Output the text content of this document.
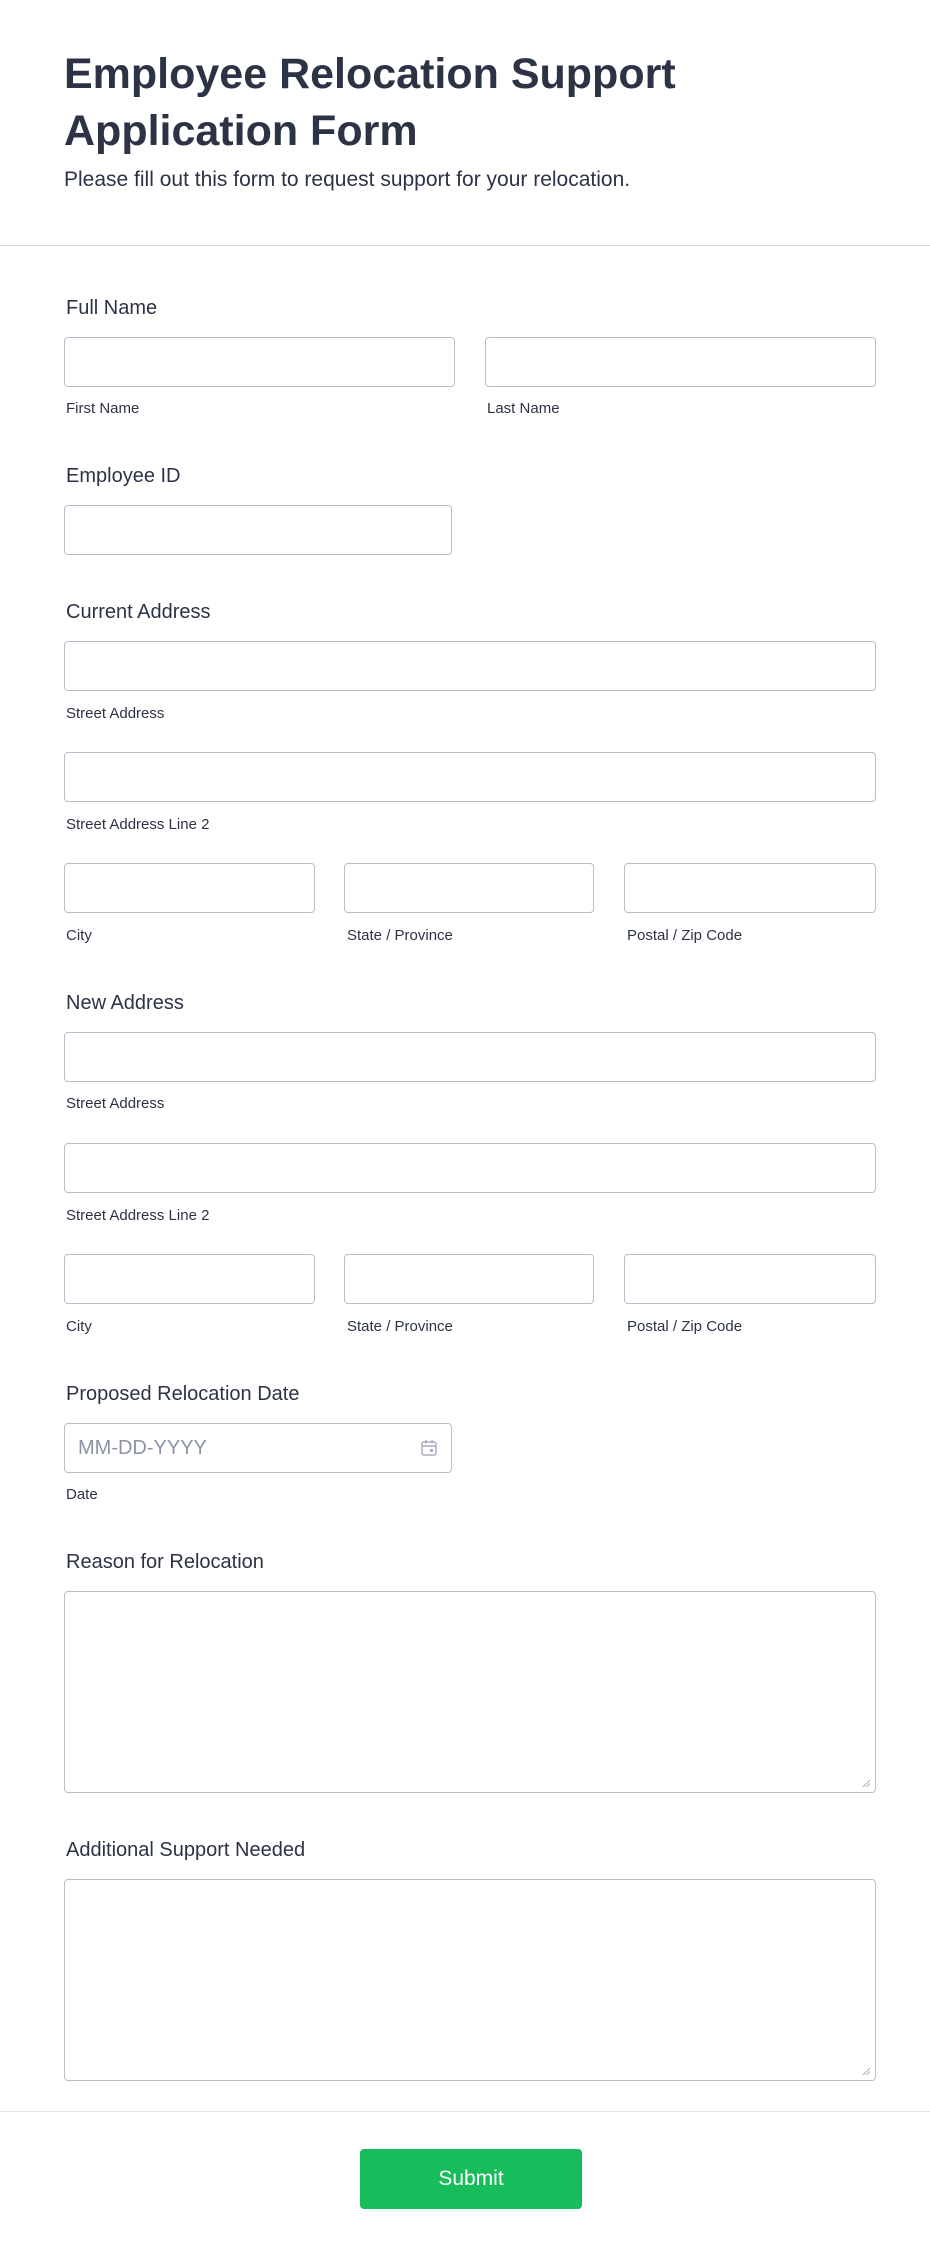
Employee Relocation Support Application Form
Please fill out this form to request support for your relocation.
Full Name
First Name	Last Name
Employee ID
Current Address
Street Address
Street Address Line 2
City	State / Province	Postal / Zip Code
New Address
Street Address
Street Address Line 2
City	State / Province	Postal / Zip Code
Proposed Relocation Date
MM-DD-YYYY
Date
Reason for Relocation
Additional Support Needed
Submit
